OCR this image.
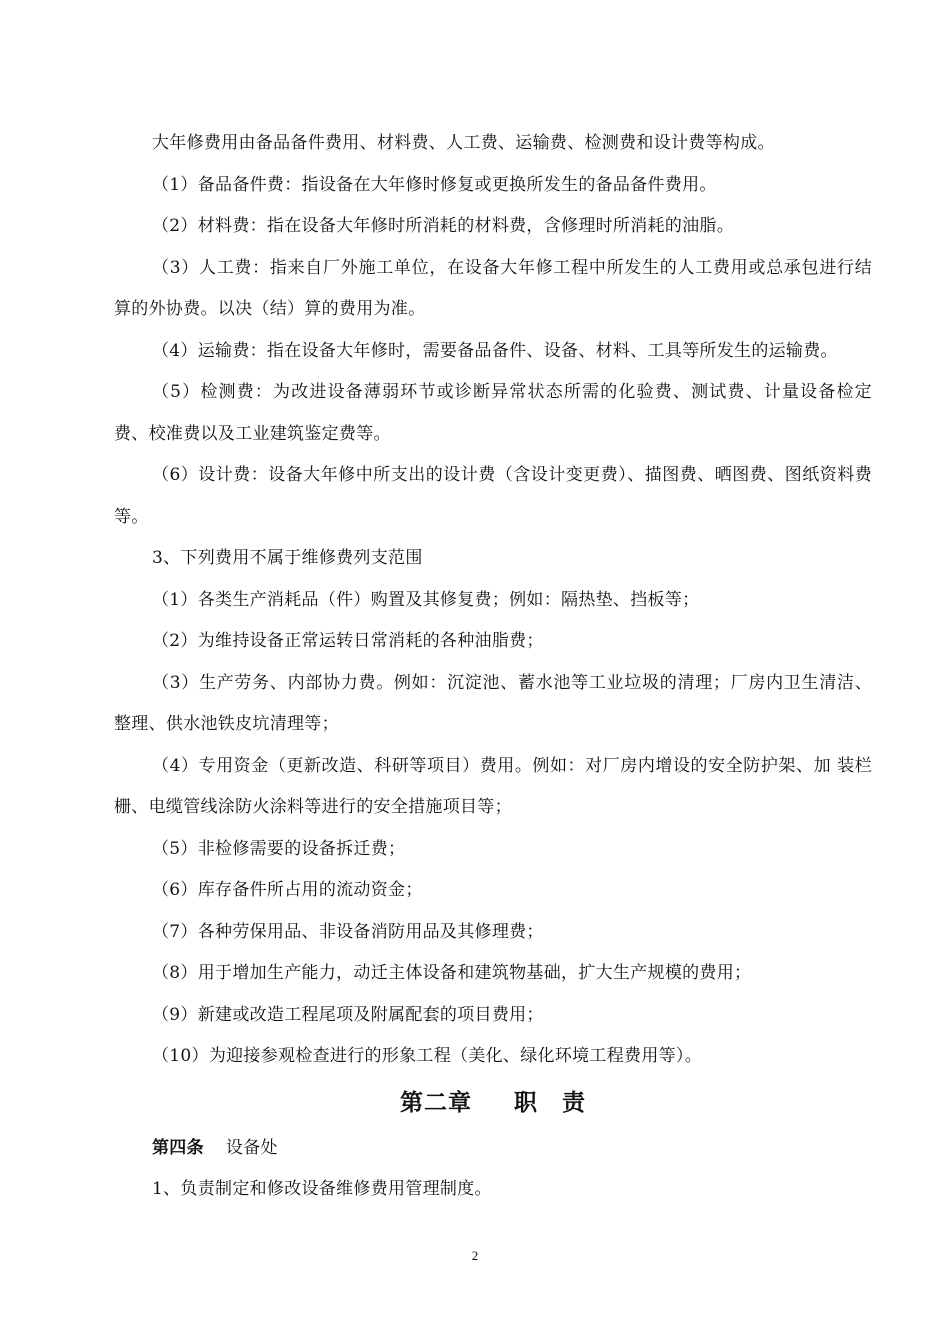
大年修费用由备品备件费用、材料费、人工费、运输费、检测费和设计费等构成。

（1）备品备件费：指设备在大年修时修复或更换所发生的备品备件费用。

（2）材料费：指在设备大年修时所消耗的材料费，含修理时所消耗的油脂。

（3）人工费：指来自厂外施工单位，在设备大年修工程中所发生的人工费用或总承包进行结算的外协费。以决（结）算的费用为准。

（4）运输费：指在设备大年修时，需要备品备件、设备、材料、工具等所发生的运输费。

（5）检测费：为改进设备薄弱环节或诊断异常状态所需的化验费、测试费、计量设备检定费、校准费以及工业建筑鉴定费等。

（6）设计费：设备大年修中所支出的设计费（含设计变更费）、描图费、晒图费、图纸资料费等。

3、下列费用不属于维修费列支范围

（1）各类生产消耗品（件）购置及其修复费；例如：隔热垫、挡板等；

（2）为维持设备正常运转日常消耗的各种油脂费；

（3）生产劳务、内部协力费。例如：沉淀池、蓄水池等工业垃圾的清理；厂房内卫生清洁、整理、供水池铁皮坑清理等；

（4）专用资金（更新改造、科研等项目）费用。例如：对厂房内增设的安全防护架、加 装栏栅、电缆管线涂防火涂料等进行的安全措施项目等；

（5）非检修需要的设备拆迁费；

（6）库存备件所占用的流动资金；

（7）各种劳保用品、非设备消防用品及其修理费；

（8）用于增加生产能力，动迁主体设备和建筑物基础，扩大生产规模的费用；

（9）新建或改造工程尾项及附属配套的项目费用；

（10）为迎接参观检查进行的形象工程（美化、绿化环境工程费用等）。

第二章 职　责

第四条 设备处

1、负责制定和修改设备维修费用管理制度。

2
